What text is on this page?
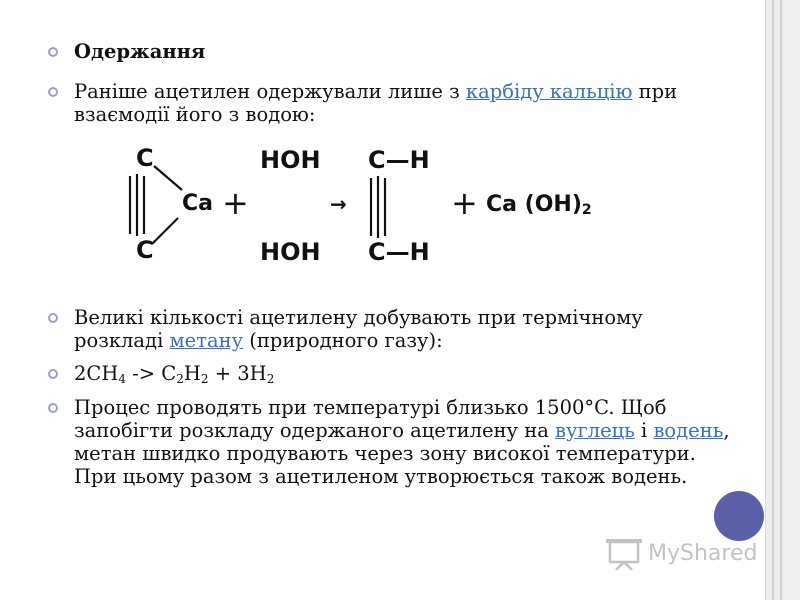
Одержання
Раніше ацетилен одержували лише з карбіду кальцію при взаємодії його з водою:
Великі кількості ацетилену добувають при термічному розкладі метану (природного газу):
$2CH_4 -> C_2H_2 + 3H_2$
Процес проводять при температурі близько 1500°C. Щоб запобігти розкладу одержаного ацетилену на вуглець і водень, метан швидко продувають через зону високої температури. При цьому разом з ацетиленом утворюється також водень.
C
C
Ca +
HOH
HOH
→
C—H
C—H
+ Ca $(OH)_2$
MyShared
